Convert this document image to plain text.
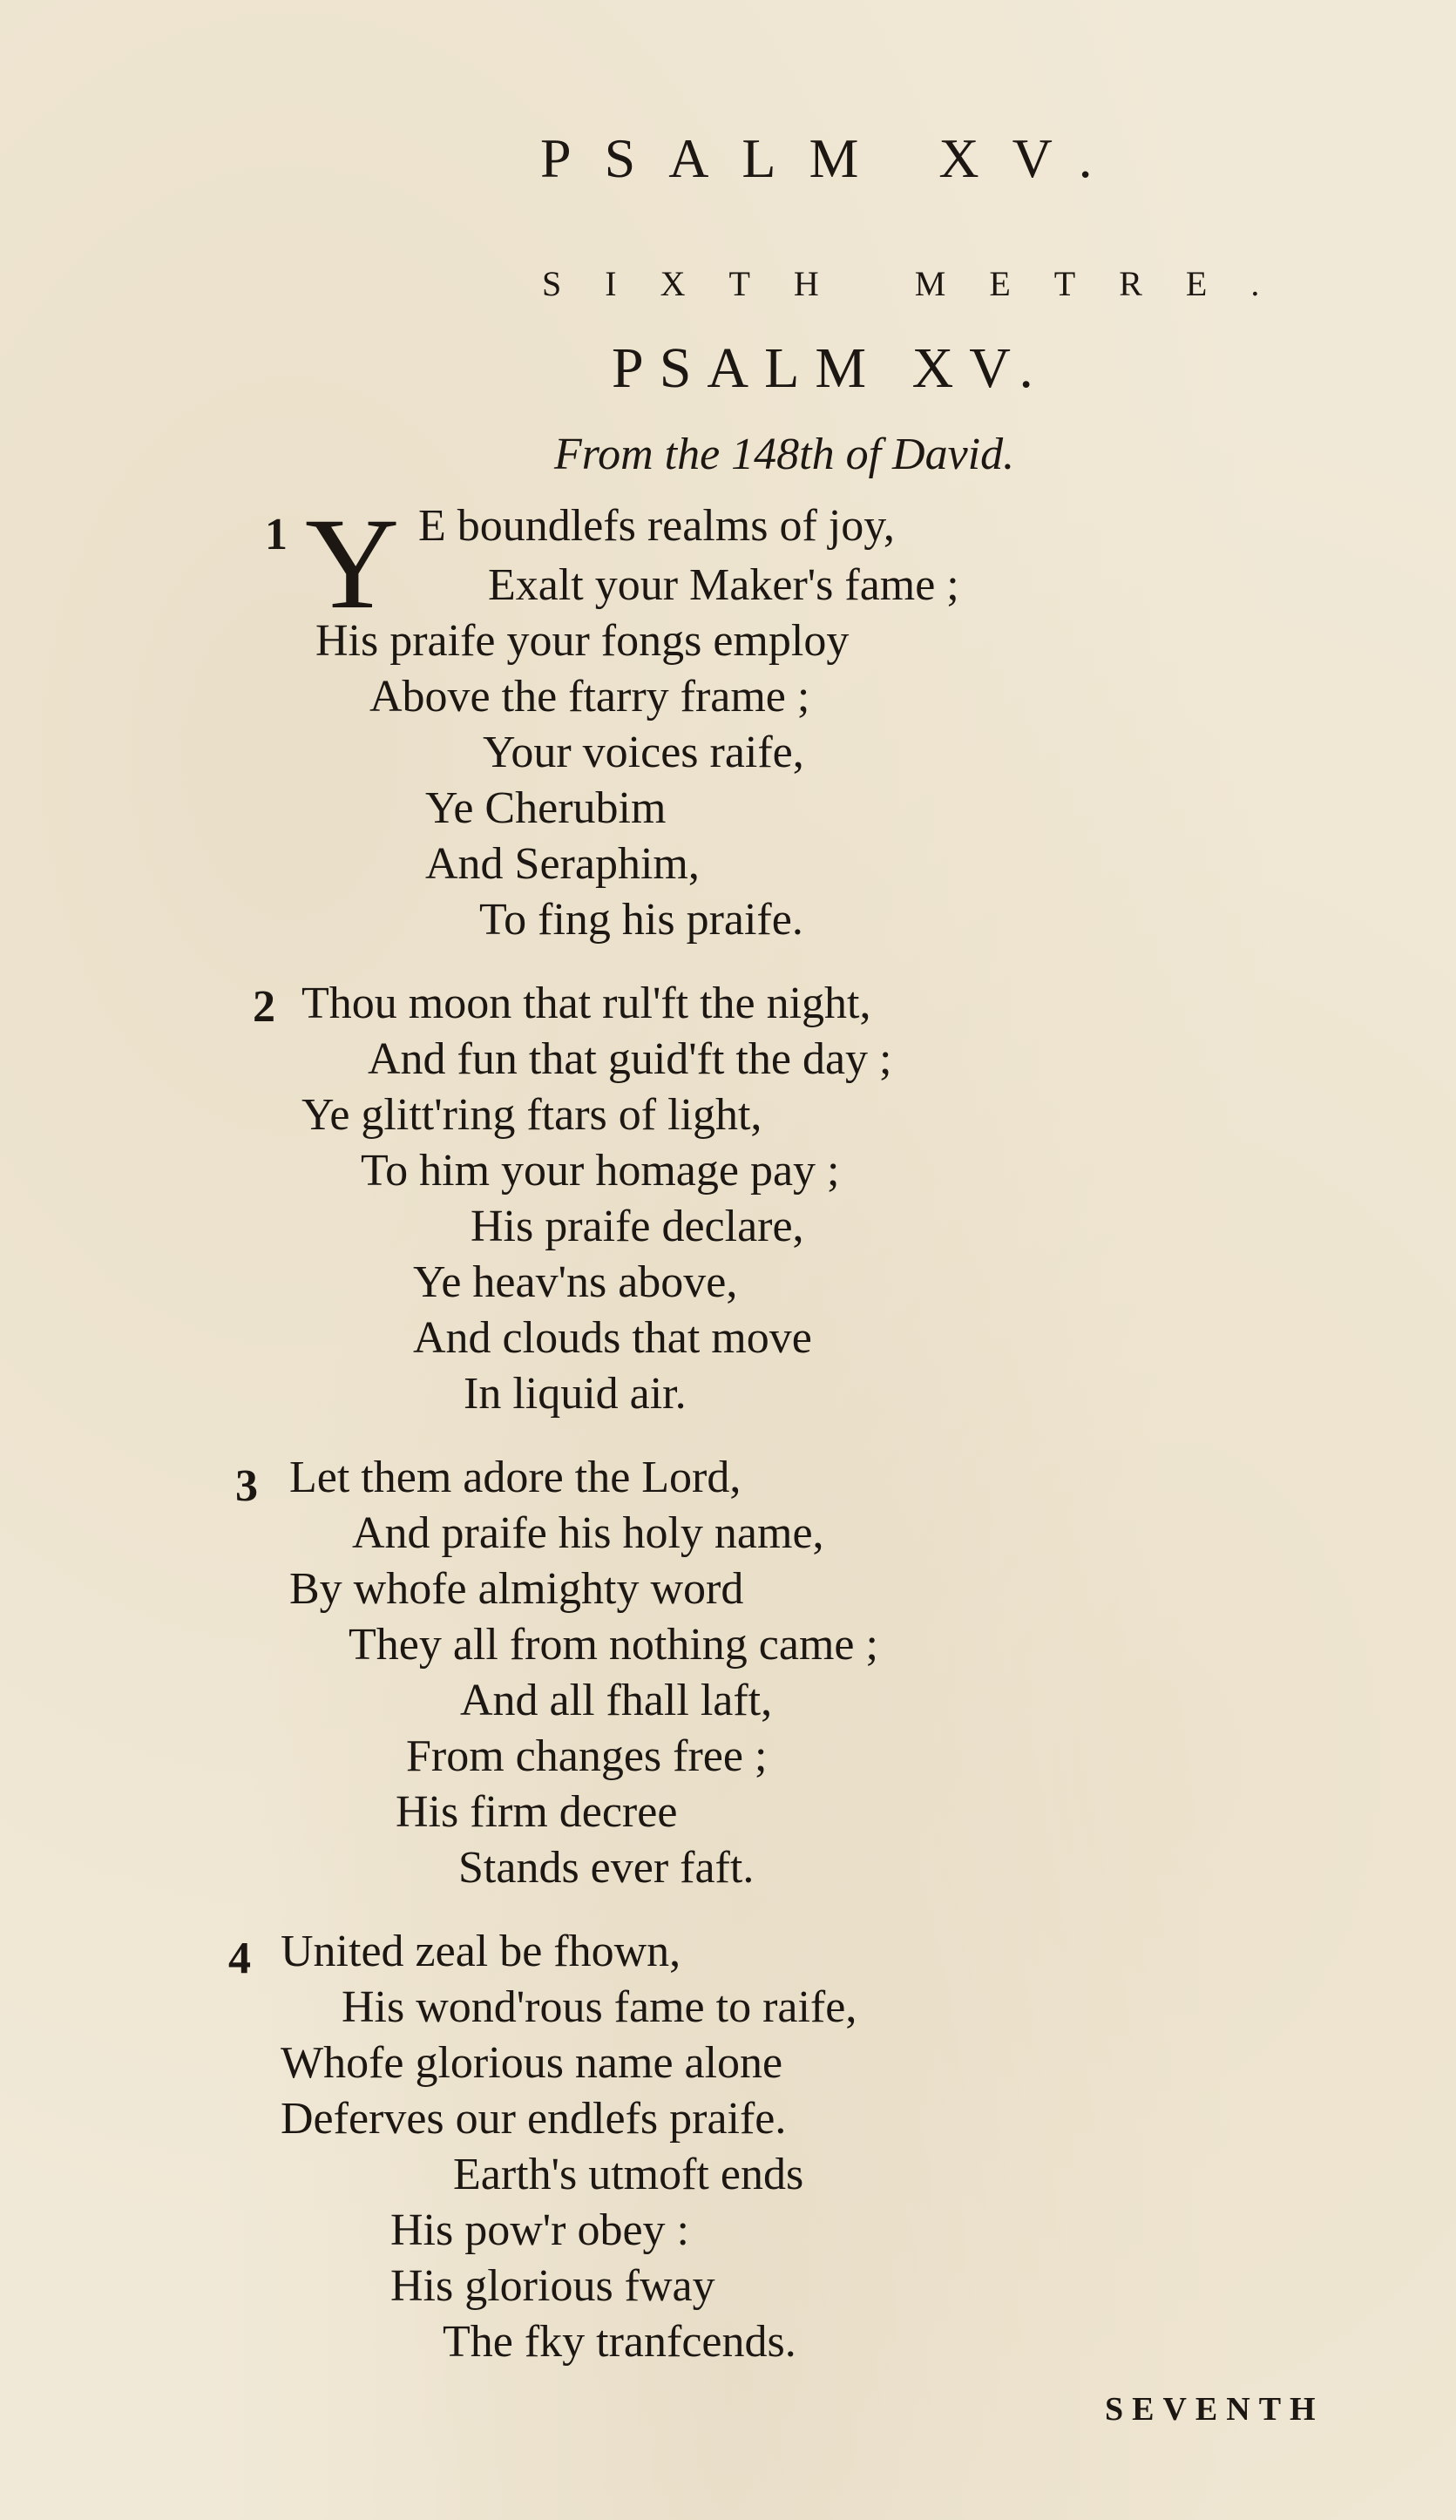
PSALM XV.
SIXTH METRE.
PSALM XV.
From the 148th of David.
1 Y E boundlefs realms of joy,
Exalt your Maker's fame ;
His praife your fongs employ
Above the ftarry frame ;
Your voices raife,
Ye Cherubim
And Seraphim,
To fing his praife.
2 Thou moon that rul'ft the night,
And fun that guid'ft the day ;
Ye glitt'ring ftars of light,
To him your homage pay ;
His praife declare,
Ye heav'ns above,
And clouds that move
In liquid air.
3 Let them adore the Lord,
And praife his holy name,
By whofe almighty word
They all from nothing came ;
And all fhall laft,
From changes free ;
His firm decree
Stands ever faft.
4 United zeal be fhown,
His wond'rous fame to raife,
Whofe glorious name alone
Deferves our endlefs praife.
Earth's utmoft ends
His pow'r obey :
His glorious fway
The fky tranfcends.
SEVENTH
